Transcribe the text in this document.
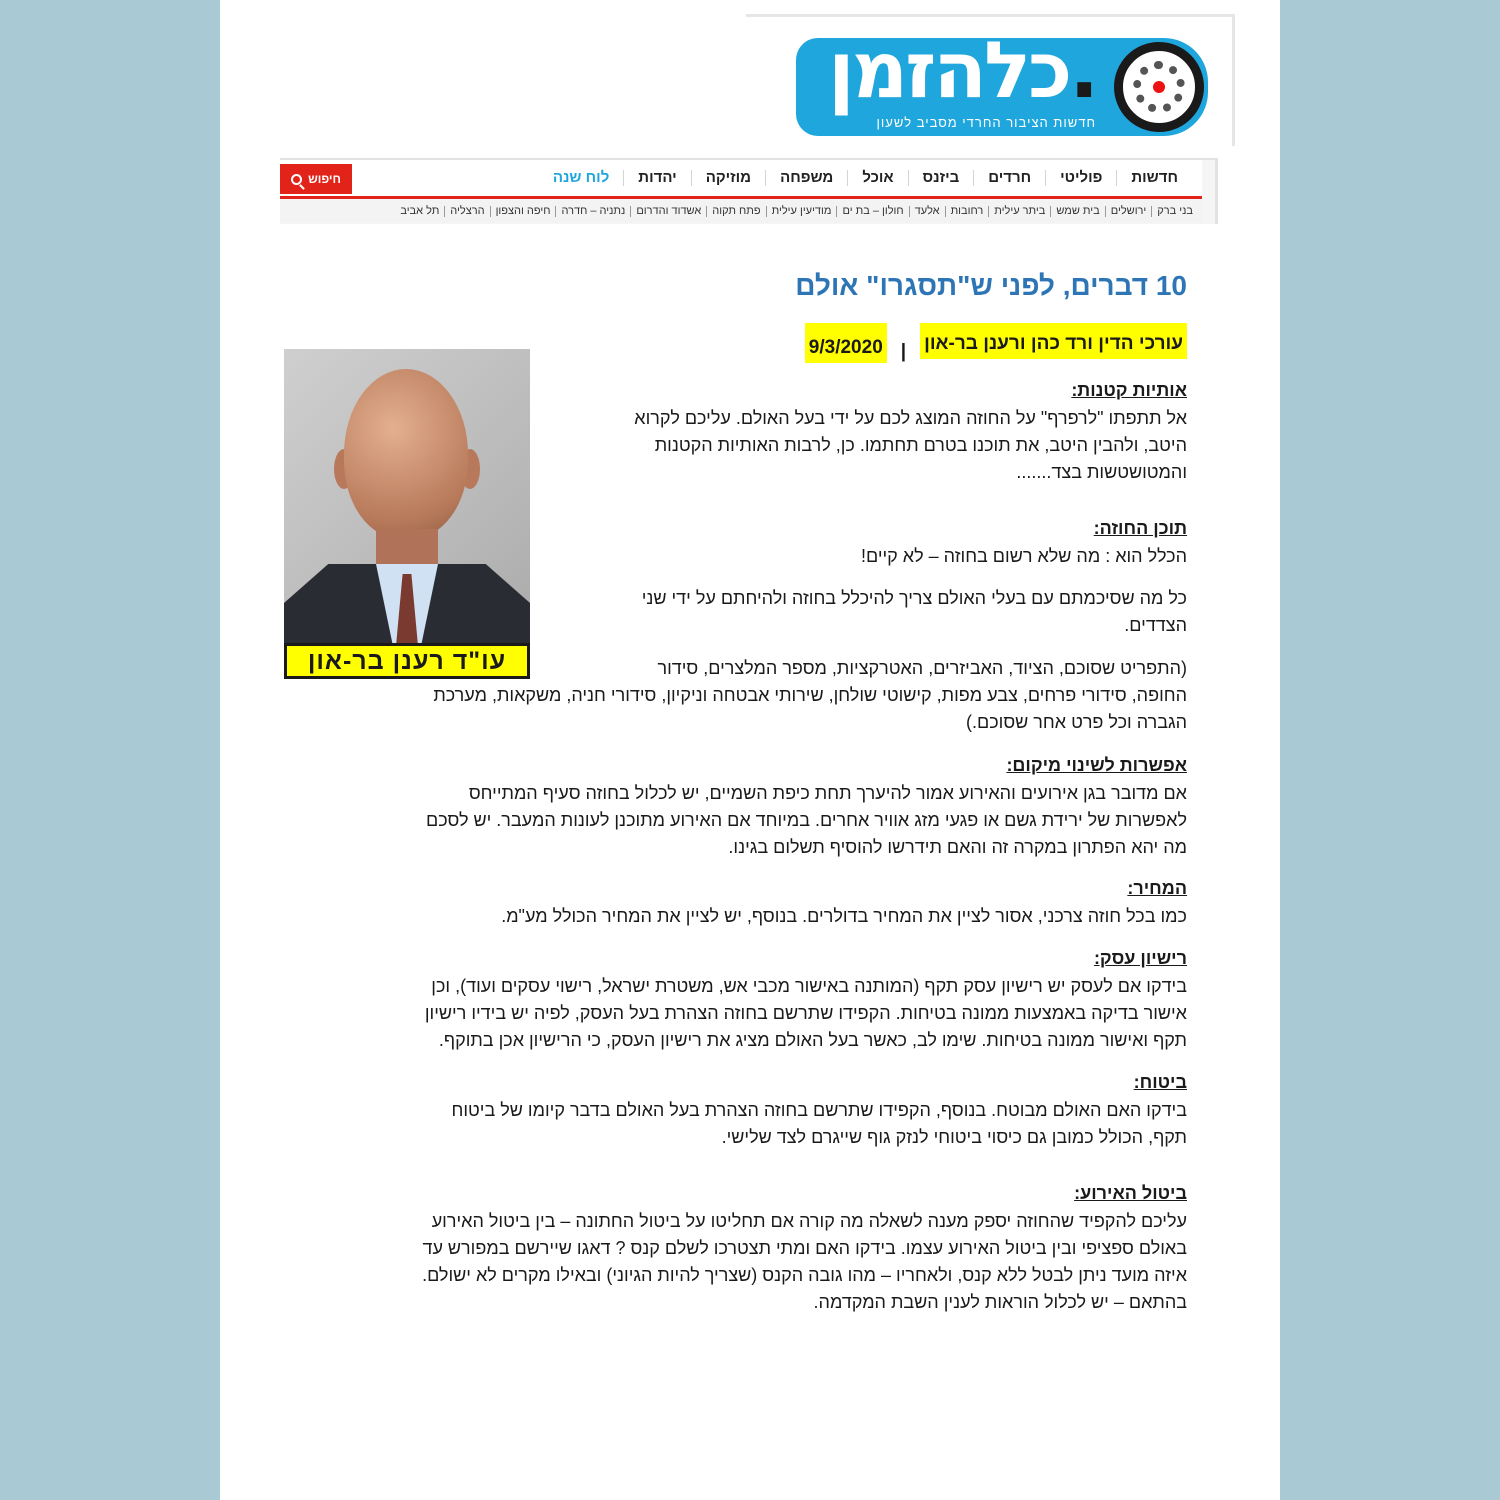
.כלהזמן
חדשות הציבור החרדי מסביב לשעון
חדשות
פוליטי
חרדים
ביזנס
אוכל
משפחה
מוזיקה
יהדות
לוח שנה
חיפוש
בני ברק
ירושלים
בית שמש
ביתר עילית
רחובות
אלעד
חולון – בת ים
מודיעין עילית
פתח תקוה
אשדוד והדרום
נתניה – חדרה
חיפה והצפון
הרצליה
תל אביב
10 דברים, לפני ש"תסגרו" אולם
עורכי הדין ורד כהן ורענן בר-און
|
9/3/2020
עו"ד רענן בר-און
אותיות קטנות:
אל תתפתו "לרפרף" על החוזה המוצג לכם על ידי בעל האולם. עליכם לקרוא
היטב, ולהבין היטב, את תוכנו בטרם תחתמו. כן, לרבות האותיות הקטנות
והמטושטשות בצד.......
תוכן החוזה:
הכלל הוא : מה שלא רשום בחוזה – לא קיים!
כל מה שסיכמתם עם בעלי האולם צריך להיכלל בחוזה ולהיחתם על ידי שני
הצדדים.
(התפריט שסוכם, הציוד, האביזרים, האטרקציות, מספר המלצרים, סידור
החופה, סידורי פרחים, צבע מפות, קישוטי שולחן, שירותי אבטחה וניקיון, סידורי חניה, משקאות, מערכת
הגברה וכל פרט אחר שסוכם.)
אפשרות לשינוי מיקום:
אם מדובר בגן אירועים והאירוע אמור להיערך תחת כיפת השמיים, יש לכלול בחוזה סעיף המתייחס
לאפשרות של ירידת גשם או פגעי מזג אוויר אחרים. במיוחד אם האירוע מתוכנן לעונות המעבר. יש לסכם
מה יהא הפתרון במקרה זה והאם תידרשו להוסיף תשלום בגינו.
המחיר:
כמו בכל חוזה צרכני, אסור לציין את המחיר בדולרים. בנוסף, יש לציין את המחיר הכולל מע"מ.
רישיון עסק:
בידקו אם לעסק יש רישיון עסק תקף (המותנה באישור מכבי אש, משטרת ישראל, רישוי עסקים ועוד), וכן
אישור בדיקה באמצעות ממונה בטיחות. הקפידו שתרשם בחוזה הצהרת בעל העסק, לפיה יש בידיו רישיון
תקף ואישור ממונה בטיחות. שימו לב, כאשר בעל האולם מציג את רישיון העסק, כי הרישיון אכן בתוקף.
ביטוח:
בידקו האם האולם מבוטח. בנוסף, הקפידו שתרשם בחוזה הצהרת בעל האולם בדבר קיומו של ביטוח
תקף, הכולל כמובן גם כיסוי ביטוחי לנזק גוף שייגרם לצד שלישי.
ביטול האירוע:
עליכם להקפיד שהחוזה יספק מענה לשאלה מה קורה אם תחליטו על ביטול החתונה – בין ביטול האירוע
באולם ספציפי ובין ביטול האירוע עצמו. בידקו האם ומתי תצטרכו לשלם קנס ? דאגו שיירשם במפורש עד
איזה מועד ניתן לבטל ללא קנס, ולאחריו – מהו גובה הקנס (שצריך להיות הגיוני) ובאילו מקרים לא ישולם.
בהתאם – יש לכלול הוראות לענין השבת המקדמה.
